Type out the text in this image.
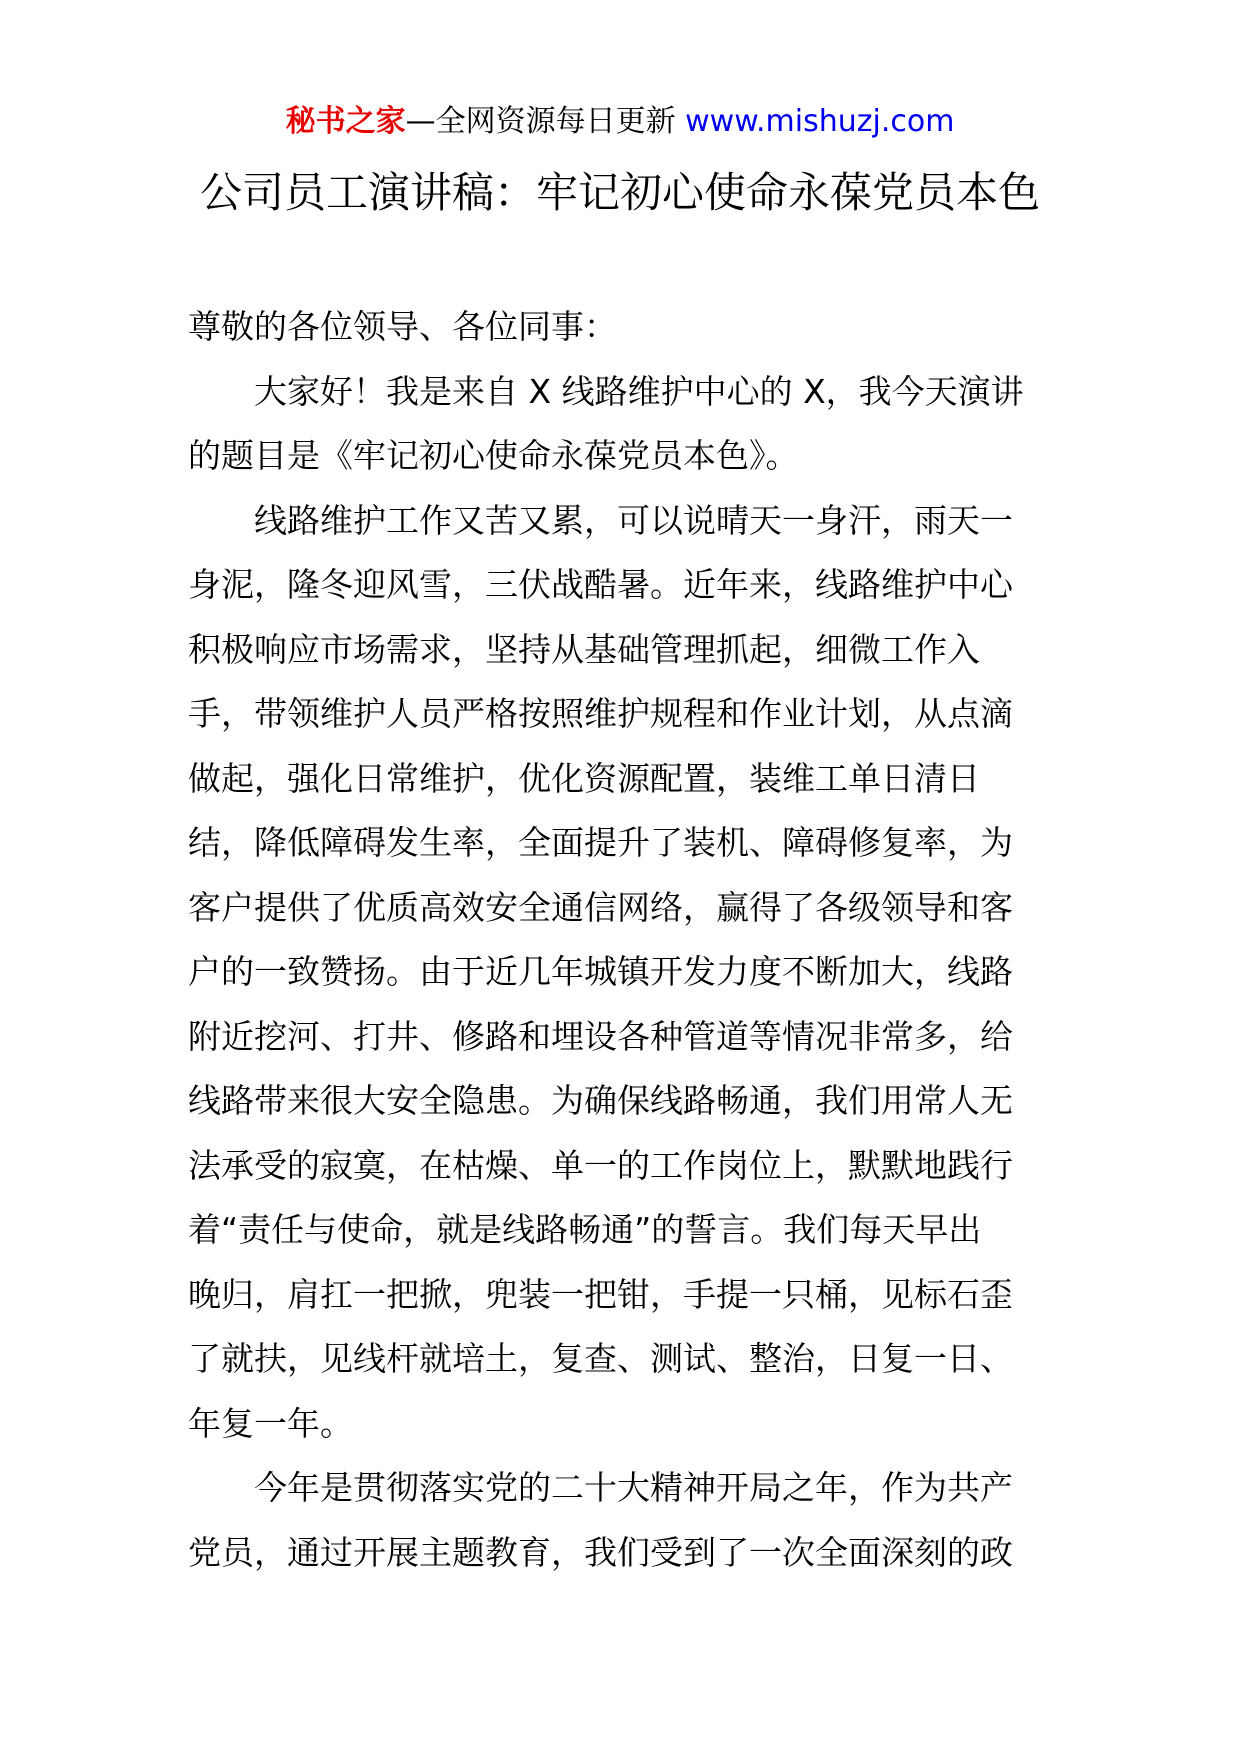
秘书之家—全网资源每日更新 www.mishuzj.com
公司员工演讲稿：牢记初心使命永葆党员本色
尊敬的各位领导、各位同事：
大家好！我是来自 X 线路维护中心的 X，我今天演讲
的题目是《牢记初心使命永葆党员本色》。
线路维护工作又苦又累，可以说晴天一身汗，雨天一
身泥，隆冬迎风雪，三伏战酷暑。近年来，线路维护中心
积极响应市场需求，坚持从基础管理抓起，细微工作入
手，带领维护人员严格按照维护规程和作业计划，从点滴
做起，强化日常维护，优化资源配置，装维工单日清日
结，降低障碍发生率，全面提升了装机、障碍修复率，为
客户提供了优质高效安全通信网络，赢得了各级领导和客
户的一致赞扬。由于近几年城镇开发力度不断加大，线路
附近挖河、打井、修路和埋设各种管道等情况非常多，给
线路带来很大安全隐患。为确保线路畅通，我们用常人无
法承受的寂寞，在枯燥、单一的工作岗位上，默默地践行
着“责任与使命，就是线路畅通”的誓言。我们每天早出
晚归，肩扛一把掀，兜装一把钳，手提一只桶，见标石歪
了就扶，见线杆就培土，复查、测试、整治，日复一日、
年复一年。
今年是贯彻落实党的二十大精神开局之年，作为共产
党员，通过开展主题教育，我们受到了一次全面深刻的政
